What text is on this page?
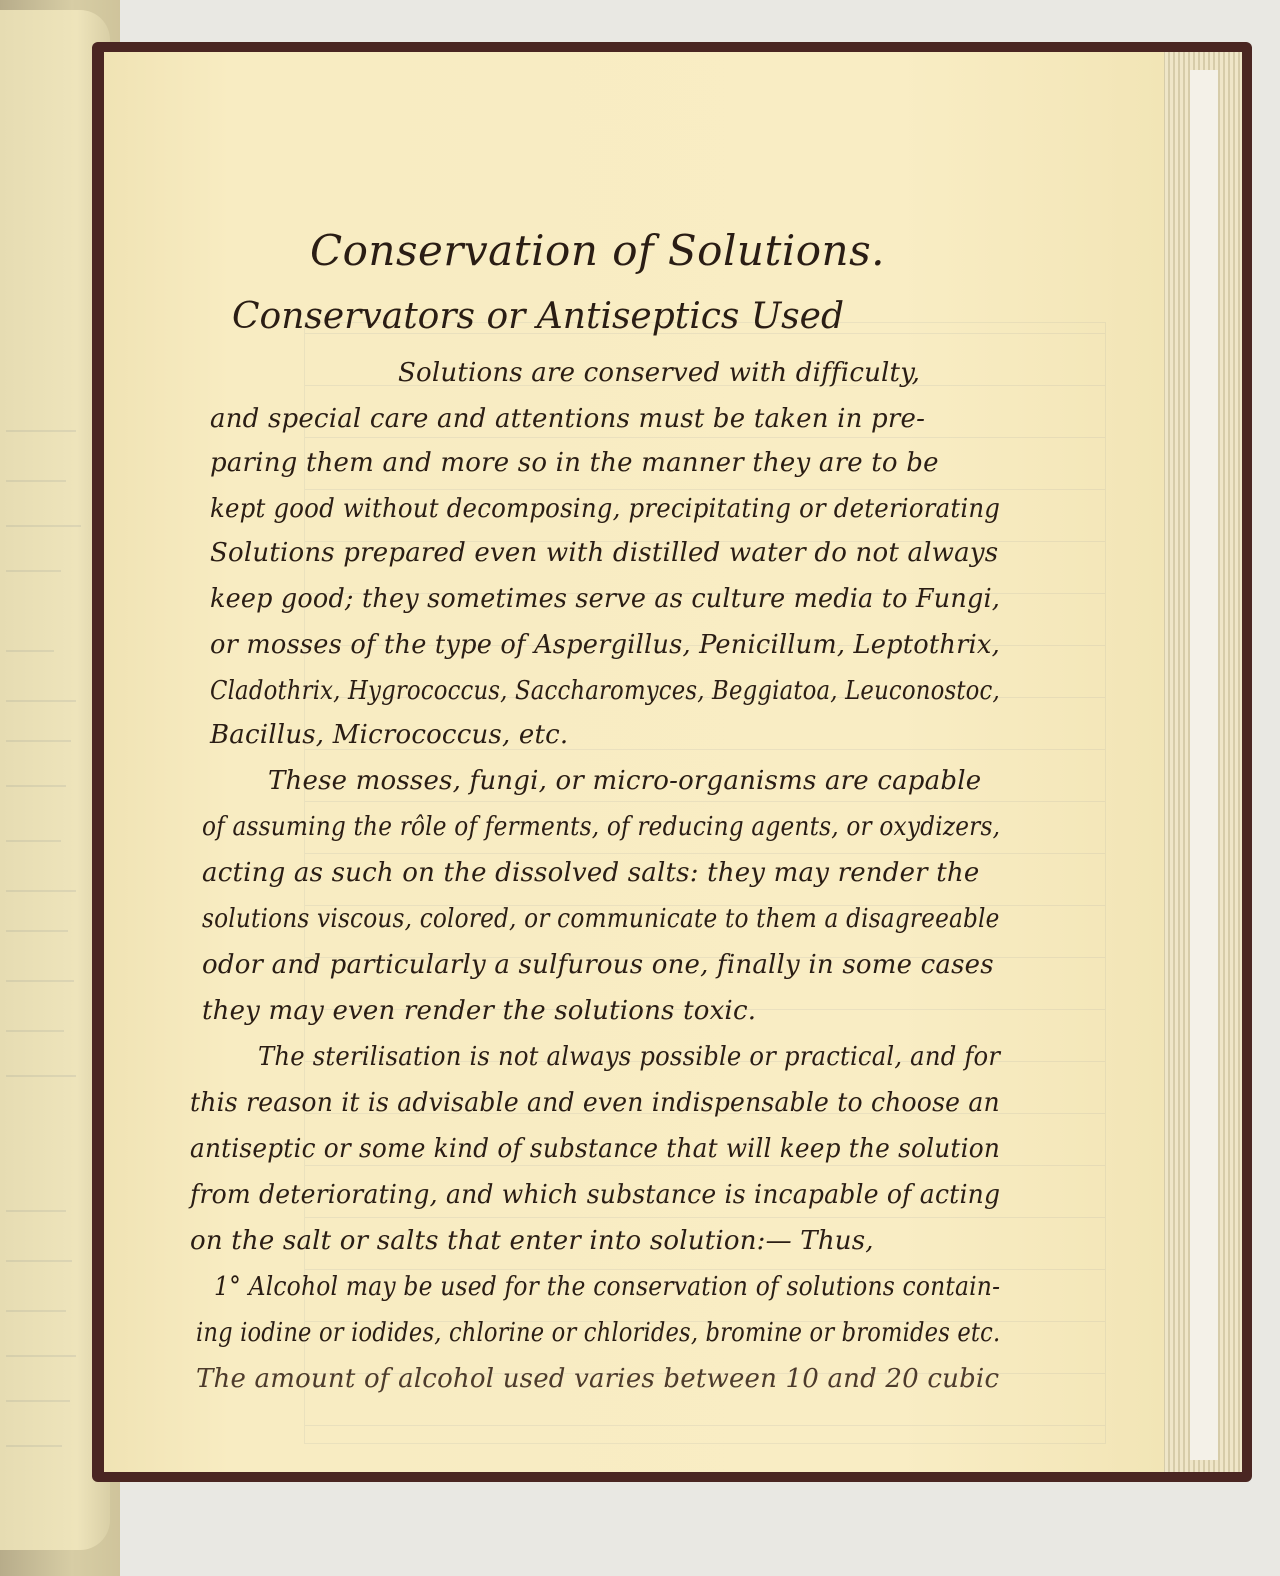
Conservation of Solutions.
Conservators or Antiseptics Used
Solutions are conserved with difficulty,
and special care and attentions must be taken in pre-
paring them and more so in the manner they are to be
kept good without decomposing, precipitating or deteriorating
Solutions prepared even with distilled water do not always
keep good; they sometimes serve as culture media to Fungi,
or mosses of the type of Aspergillus, Penicillum, Leptothrix,
Cladothrix, Hygrococcus, Saccharomyces, Beggiatoa, Leuconostoc,
Bacillus, Micrococcus, etc.
These mosses, fungi, or micro-organisms are capable
of assuming the rôle of ferments, of reducing agents, or oxydizers,
acting as such on the dissolved salts: they may render the
solutions viscous, colored, or communicate to them a disagreeable
odor and particularly a sulfurous one, finally in some cases
they may even render the solutions toxic.
The sterilisation is not always possible or practical, and for
this reason it is advisable and even indispensable to choose an
antiseptic or some kind of substance that will keep the solution
from deteriorating, and which substance is incapable of acting
on the salt or salts that enter into solution:— Thus,
1° Alcohol may be used for the conservation of solutions contain-
ing iodine or iodides, chlorine or chlorides, bromine or bromides etc.
The amount of alcohol used varies between 10 and 20 cubic
